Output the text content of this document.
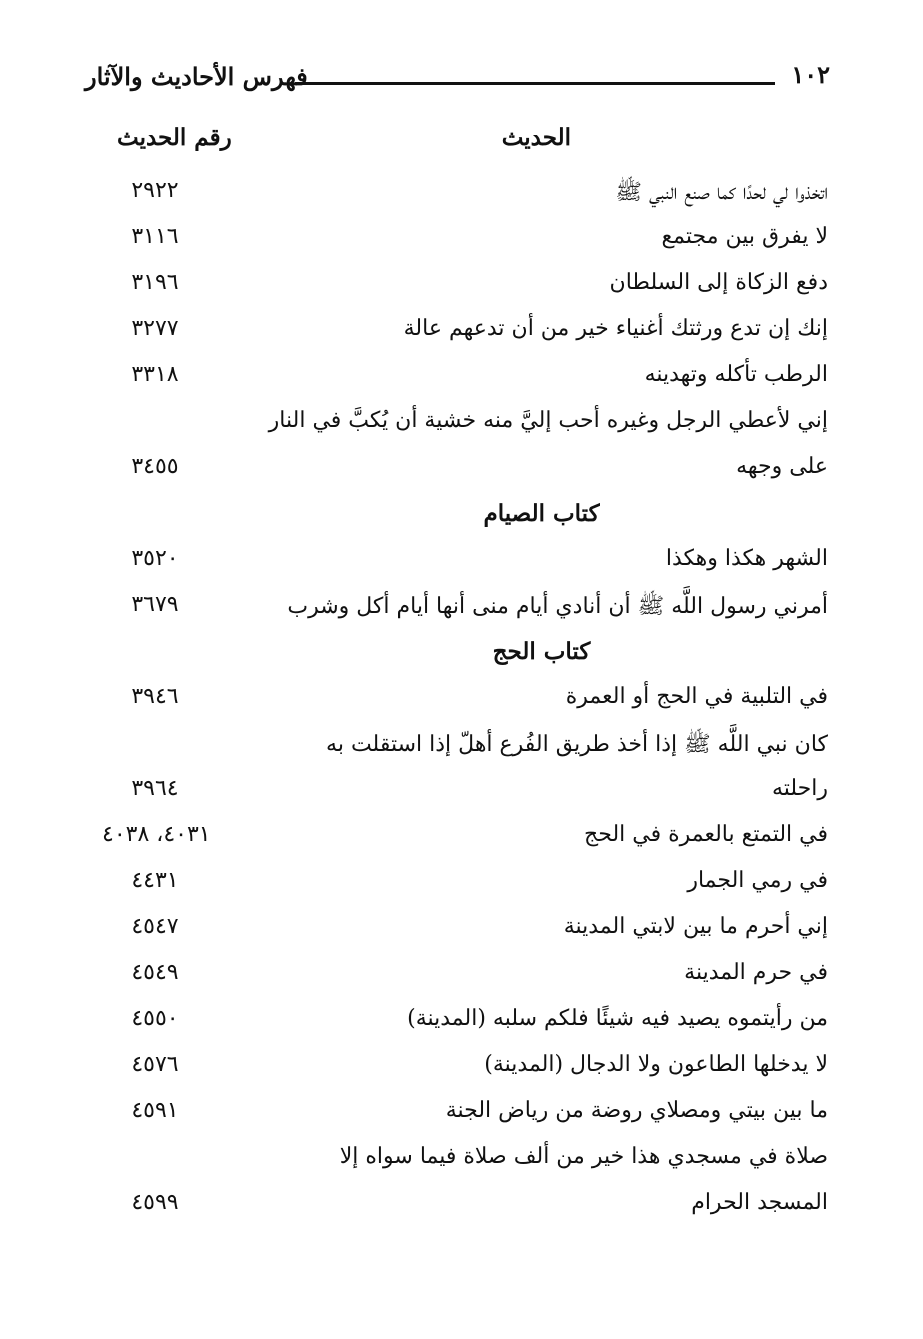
١٠٢
فهرس الأحاديث والآثار
الحديث
رقم الحديث
اتخذوا لي لحدًا كما صنع النبي ﷺ
٢٩٢٢
لا يفرق بين مجتمع
٣١١٦
دفع الزكاة إلى السلطان
٣١٩٦
إنك إن تدع ورثتك أغنياء خير من أن تدعهم عالة
٣٢٧٧
الرطب تأكله وتهدينه
٣٣١٨
إني لأعطي الرجل وغيره أحب إليَّ منه خشية أن يُكبَّ في النار
على وجهه
٣٤٥٥
كتاب الصيام
الشهر هكذا وهكذا
٣٥٢٠
أمرني رسول اللَّه ﷺ أن أنادي أيام منى أنها أيام أكل وشرب
٣٦٧٩
كتاب الحج
في التلبية في الحج أو العمرة
٣٩٤٦
كان نبي اللَّه ﷺ إذا أخذ طريق الفُرع أهلّ إذا استقلت به
راحلته
٣٩٦٤
في التمتع بالعمرة في الحج
٤٠٣١، ٤٠٣٨
في رمي الجمار
٤٤٣١
إني أحرم ما بين لابتي المدينة
٤٥٤٧
في حرم المدينة
٤٥٤٩
من رأيتموه يصيد فيه شيئًا فلكم سلبه (المدينة)
٤٥٥٠
لا يدخلها الطاعون ولا الدجال (المدينة)
٤٥٧٦
ما بين بيتي ومصلاي روضة من رياض الجنة
٤٥٩١
صلاة في مسجدي هذا خير من ألف صلاة فيما سواه إلا
المسجد الحرام
٤٥٩٩
